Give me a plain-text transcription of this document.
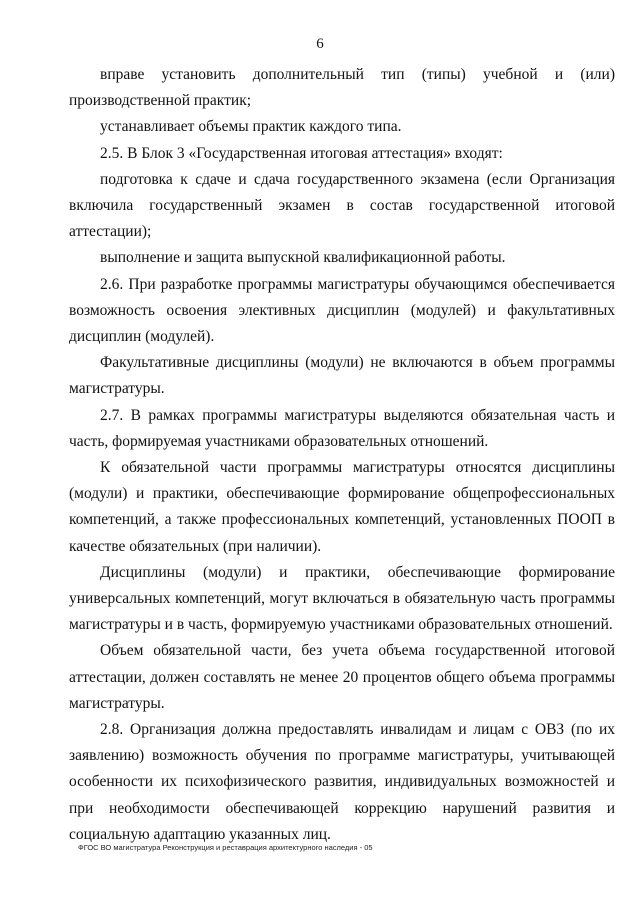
6

вправе установить дополнительный тип (типы) учебной и (или) производственной практик;

устанавливает объемы практик каждого типа.

2.5. В Блок 3 «Государственная итоговая аттестация» входят:

подготовка к сдаче и сдача государственного экзамена (если Организация включила государственный экзамен в состав государственной итоговой аттестации);

выполнение и защита выпускной квалификационной работы.

2.6. При разработке программы магистратуры обучающимся обеспечивается возможность освоения элективных дисциплин (модулей) и факультативных дисциплин (модулей).

Факультативные дисциплины (модули) не включаются в объем программы магистратуры.

2.7. В рамках программы магистратуры выделяются обязательная часть и часть, формируемая участниками образовательных отношений.

К обязательной части программы магистратуры относятся дисциплины (модули) и практики, обеспечивающие формирование общепрофессиональных компетенций, а также профессиональных компетенций, установленных ПООП в качестве обязательных (при наличии).

Дисциплины (модули) и практики, обеспечивающие формирование универсальных компетенций, могут включаться в обязательную часть программы магистратуры и в часть, формируемую участниками образовательных отношений.

Объем обязательной части, без учета объема государственной итоговой аттестации, должен составлять не менее 20 процентов общего объема программы магистратуры.

2.8. Организация должна предоставлять инвалидам и лицам с ОВЗ (по их заявлению) возможность обучения по программе магистратуры, учитывающей особенности их психофизического развития, индивидуальных возможностей и при необходимости обеспечивающей коррекцию нарушений развития и социальную адаптацию указанных лиц.

ФГОС ВО магистратура Реконструкция и реставрация архитектурного наследия - 05
